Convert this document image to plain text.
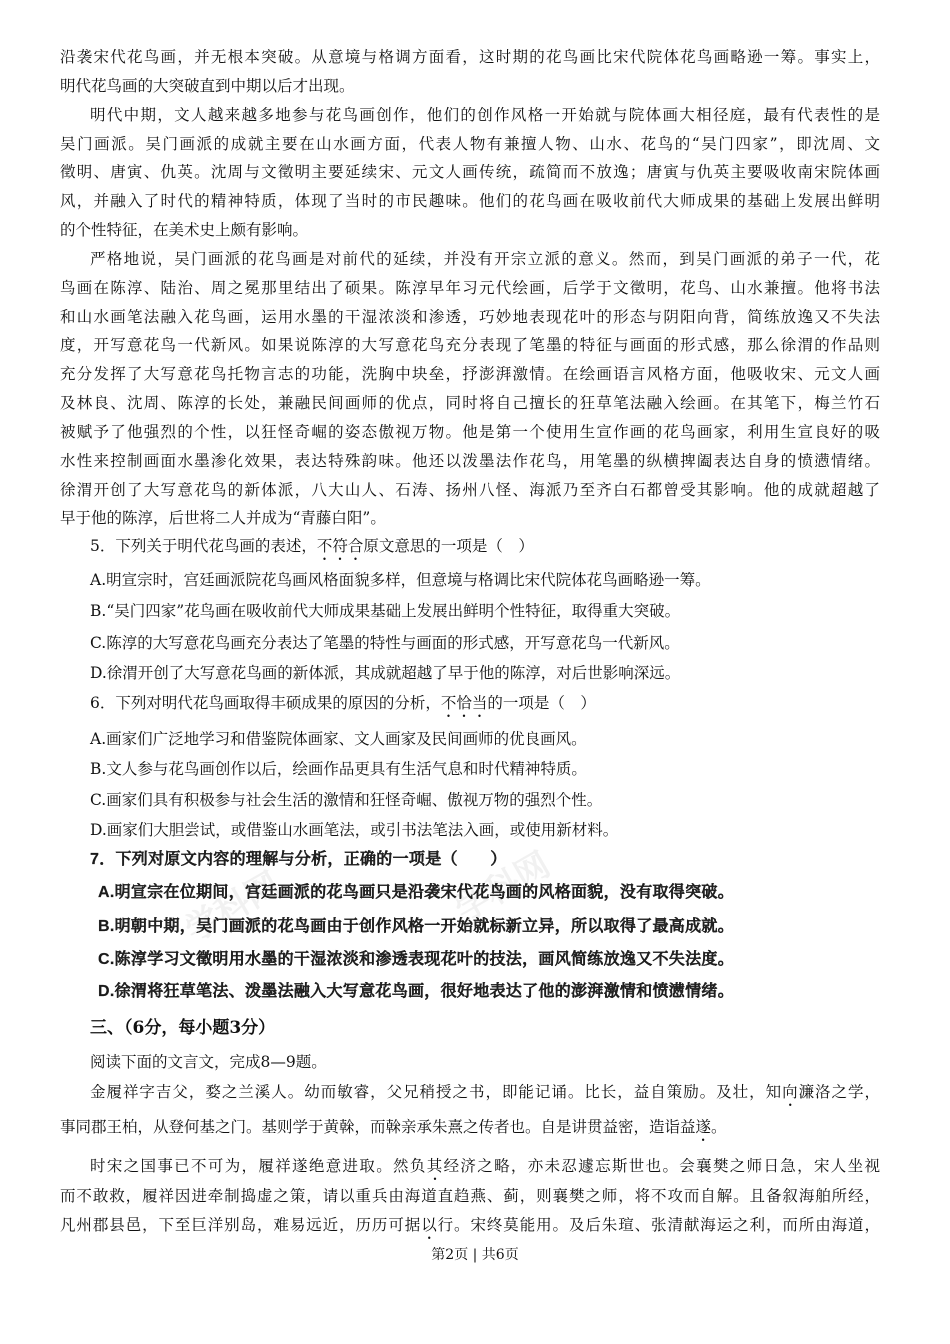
沿袭宋代花鸟画，并无根本突破。从意境与格调方面看，这时期的花鸟画比宋代院体花鸟画略逊一筹。事实上，
明代花鸟画的大突破直到中期以后才出现。
明代中期，文人越来越多地参与花鸟画创作，他们的创作风格一开始就与院体画大相径庭，最有代表性的是
吴门画派。吴门画派的成就主要在山水画方面，代表人物有兼擅人物、山水、花鸟的“吴门四家”，即沈周、文
徵明、唐寅、仇英。沈周与文徵明主要延续宋、元文人画传统，疏简而不放逸；唐寅与仇英主要吸收南宋院体画
风，并融入了时代的精神特质，体现了当时的市民趣味。他们的花鸟画在吸收前代大师成果的基础上发展出鲜明
的个性特征，在美术史上颇有影响。
严格地说，吴门画派的花鸟画是对前代的延续，并没有开宗立派的意义。然而，到吴门画派的弟子一代，花
鸟画在陈淳、陆治、周之冕那里结出了硕果。陈淳早年习元代绘画，后学于文徵明，花鸟、山水兼擅。他将书法
和山水画笔法融入花鸟画，运用水墨的干湿浓淡和渗透，巧妙地表现花叶的形态与阴阳向背，简练放逸又不失法
度，开写意花鸟一代新风。如果说陈淳的大写意花鸟充分表现了笔墨的特征与画面的形式感，那么徐渭的作品则
充分发挥了大写意花鸟托物言志的功能，洗胸中块垒，抒澎湃激情。在绘画语言风格方面，他吸收宋、元文人画
及林良、沈周、陈淳的长处，兼融民间画师的优点，同时将自己擅长的狂草笔法融入绘画。在其笔下，梅兰竹石
被赋予了他强烈的个性，以狂怪奇崛的姿态傲视万物。他是第一个使用生宣作画的花鸟画家，利用生宣良好的吸
水性来控制画面水墨渗化效果，表达特殊韵味。他还以泼墨法作花鸟，用笔墨的纵横捭阖表达自身的愤懑情绪。
徐渭开创了大写意花鸟的新体派，八大山人、石涛、扬州八怪、海派乃至齐白石都曾受其影响。他的成就超越了
早于他的陈淳，后世将二人并成为“青藤白阳”。
5．下列关于明代花鸟画的表述，不符合原文意思的一项是（　）
A.明宣宗时，宫廷画派院花鸟画风格面貌多样，但意境与格调比宋代院体花鸟画略逊一筹。
B.“吴门四家”花鸟画在吸收前代大师成果基础上发展出鲜明个性特征，取得重大突破。
C.陈淳的大写意花鸟画充分表达了笔墨的特性与画面的形式感，开写意花鸟一代新风。
D.徐渭开创了大写意花鸟画的新体派，其成就超越了早于他的陈淳，对后世影响深远。
6．下列对明代花鸟画取得丰硕成果的原因的分析，不恰当的一项是（　）
A.画家们广泛地学习和借鉴院体画家、文人画家及民间画师的优良画风。
B.文人参与花鸟画创作以后，绘画作品更具有生活气息和时代精神特质。
C.画家们具有积极参与社会生活的激情和狂怪奇崛、傲视万物的强烈个性。
D.画家们大胆尝试，或借鉴山水画笔法，或引书法笔法入画，或使用新材料。
学科网	学科网
7．下列对原文内容的理解与分析，正确的一项是（　　）
A.明宣宗在位期间，宫廷画派的花鸟画只是沿袭宋代花鸟画的风格面貌，没有取得突破。
B.明朝中期，吴门画派的花鸟画由于创作风格一开始就标新立异，所以取得了最高成就。
C.陈淳学习文徵明用水墨的干湿浓淡和渗透表现花叶的技法，画风简练放逸又不失法度。
D.徐渭将狂草笔法、泼墨法融入大写意花鸟画，很好地表达了他的澎湃激情和愤懑情绪。
三、（6分，每小题3分）
阅读下面的文言文，完成8—9题。
金履祥字吉父，婺之兰溪人。幼而敏睿，父兄稍授之书，即能记诵。比长，益自策励。及壮，知向濂洛之学，
事同郡王柏，从登何基之门。基则学于黄榦，而榦亲承朱熹之传者也。自是讲贯益密，造诣益遂。
时宋之国事已不可为，履祥遂绝意进取。然负其经济之略，亦未忍遽忘斯世也。会襄樊之师日急，宋人坐视
而不敢救，履祥因进牵制捣虚之策，请以重兵由海道直趋燕、蓟，则襄樊之师，将不攻而自解。且备叙海舶所经，
凡州郡县邑，下至巨洋别岛，难易远近，历历可据以行。宋终莫能用。及后朱瑄、张清献海运之利，而所由海道，
第2页 | 共6页
